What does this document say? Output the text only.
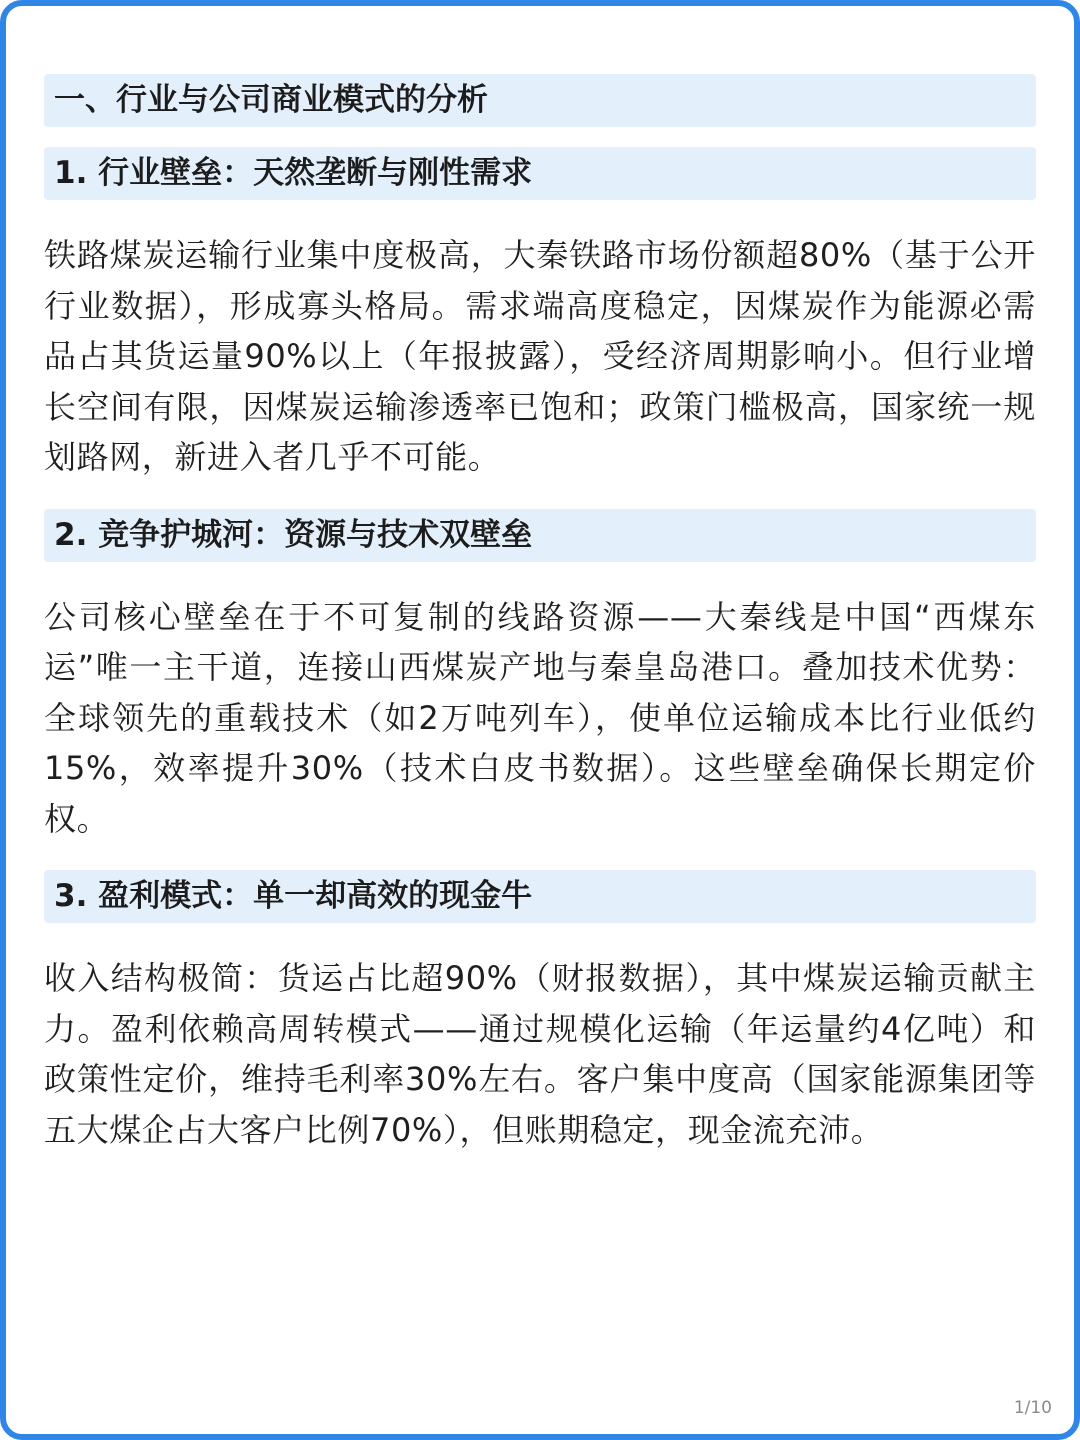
一、行业与公司商业模式的分析
1. 行业壁垒：天然垄断与刚性需求

铁路煤炭运输行业集中度极高，大秦铁路市场份额超80%（基于公开行业数据），形成寡头格局。需求端高度稳定，因煤炭作为能源必需品占其货运量90%以上（年报披露），受经济周期影响小。但行业增长空间有限，因煤炭运输渗透率已饱和；政策门槛极高，国家统一规划路网，新进入者几乎不可能。

2. 竞争护城河：资源与技术双壁垒

公司核心壁垒在于不可复制的线路资源——大秦线是中国“西煤东运”唯一主干道，连接山西煤炭产地与秦皇岛港口。叠加技术优势：全球领先的重载技术（如2万吨列车），使单位运输成本比行业低约15%，效率提升30%（技术白皮书数据）。这些壁垒确保长期定价权。

3. 盈利模式：单一却高效的现金牛

收入结构极简：货运占比超90%（财报数据），其中煤炭运输贡献主力。盈利依赖高周转模式——通过规模化运输（年运量约4亿吨）和政策性定价，维持毛利率30%左右。客户集中度高（国家能源集团等五大煤企占大客户比例70%），但账期稳定，现金流充沛。

1/10
